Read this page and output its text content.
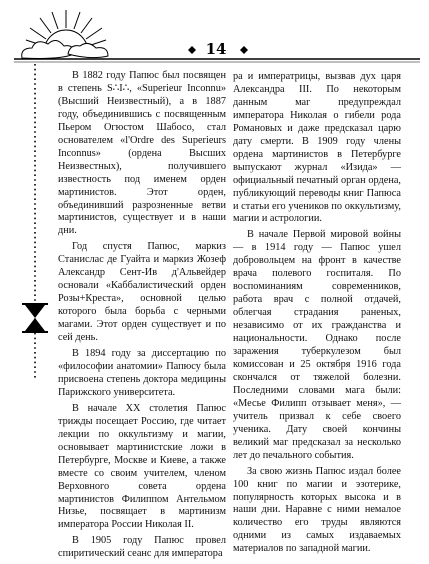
14

В 1882 году Папюс был посвящен в степень S∴I∴, «Superieur Inconnu» (Высший Неизвестный), а в 1887 году, объединившись с посвященным Пьером Огюстом Шабосо, стал основателем «l'Ordre des Superieurs Inconnus» (ордена Высших Неизвестных), получившего известность под именем орден мартинистов. Этот орден, объединивший разрозненные ветви мартинистов, существует и в наши дни.

Год спустя Папюс, маркиз Станислас де Гуайта и маркиз Жозеф Александр Сент-Ив д'Альвейдер основали «Каббалистический орден Розы+Креста», основной целью которого была борьба с черными магами. Этот орден существует и по сей день.

В 1894 году за диссертацию по «философии анатомии» Папюсу была присвоена степень доктора медицины Парижского университета.

В начале XX столетия Папюс трижды посещает Россию, где читает лекции по оккультизму и магии, основывает мартинистские ложи в Петербурге, Москве и Киеве, а также вместе со своим учителем, членом Верховного совета ордена мартинистов Филиппом Антельмом Низье, посвящает в мартинизм императора России Николая II.

В 1905 году Папюс провел спиритический сеанс для императора

ра и императрицы, вызвав дух царя Александра III. По некоторым данным маг предупреждал императора Николая о гибели рода Романовых и даже предсказал царю дату смерти. В 1909 году члены ордена мартинистов в Петербурге выпускают журнал «Изида» — официальный печатный орган ордена, публикующий переводы книг Папюса и статьи его учеников по оккультизму, магии и астрологии.

В начале Первой мировой войны — в 1914 году — Папюс ушел добровольцем на фронт в качестве врача полевого госпиталя. По воспоминаниям современников, работа врач с полной отдачей, облегчая страдания раненых, независимо от их гражданства и национальности. Однако после заражения туберкулезом был комиссован и 25 октября 1916 года скончался от тяжелой болезни. Последними словами мага были: «Месье Филипп отзывает меня», — учитель призвал к себе своего ученика. Дату своей кончины великий маг предсказал за несколько лет до печального события.

За свою жизнь Папюс издал более 100 книг по магии и эзотерике, популярность которых высока и в наши дни. Наравне с ними немалое количество его труды являются одними из самых издаваемых материалов по западной магии.
